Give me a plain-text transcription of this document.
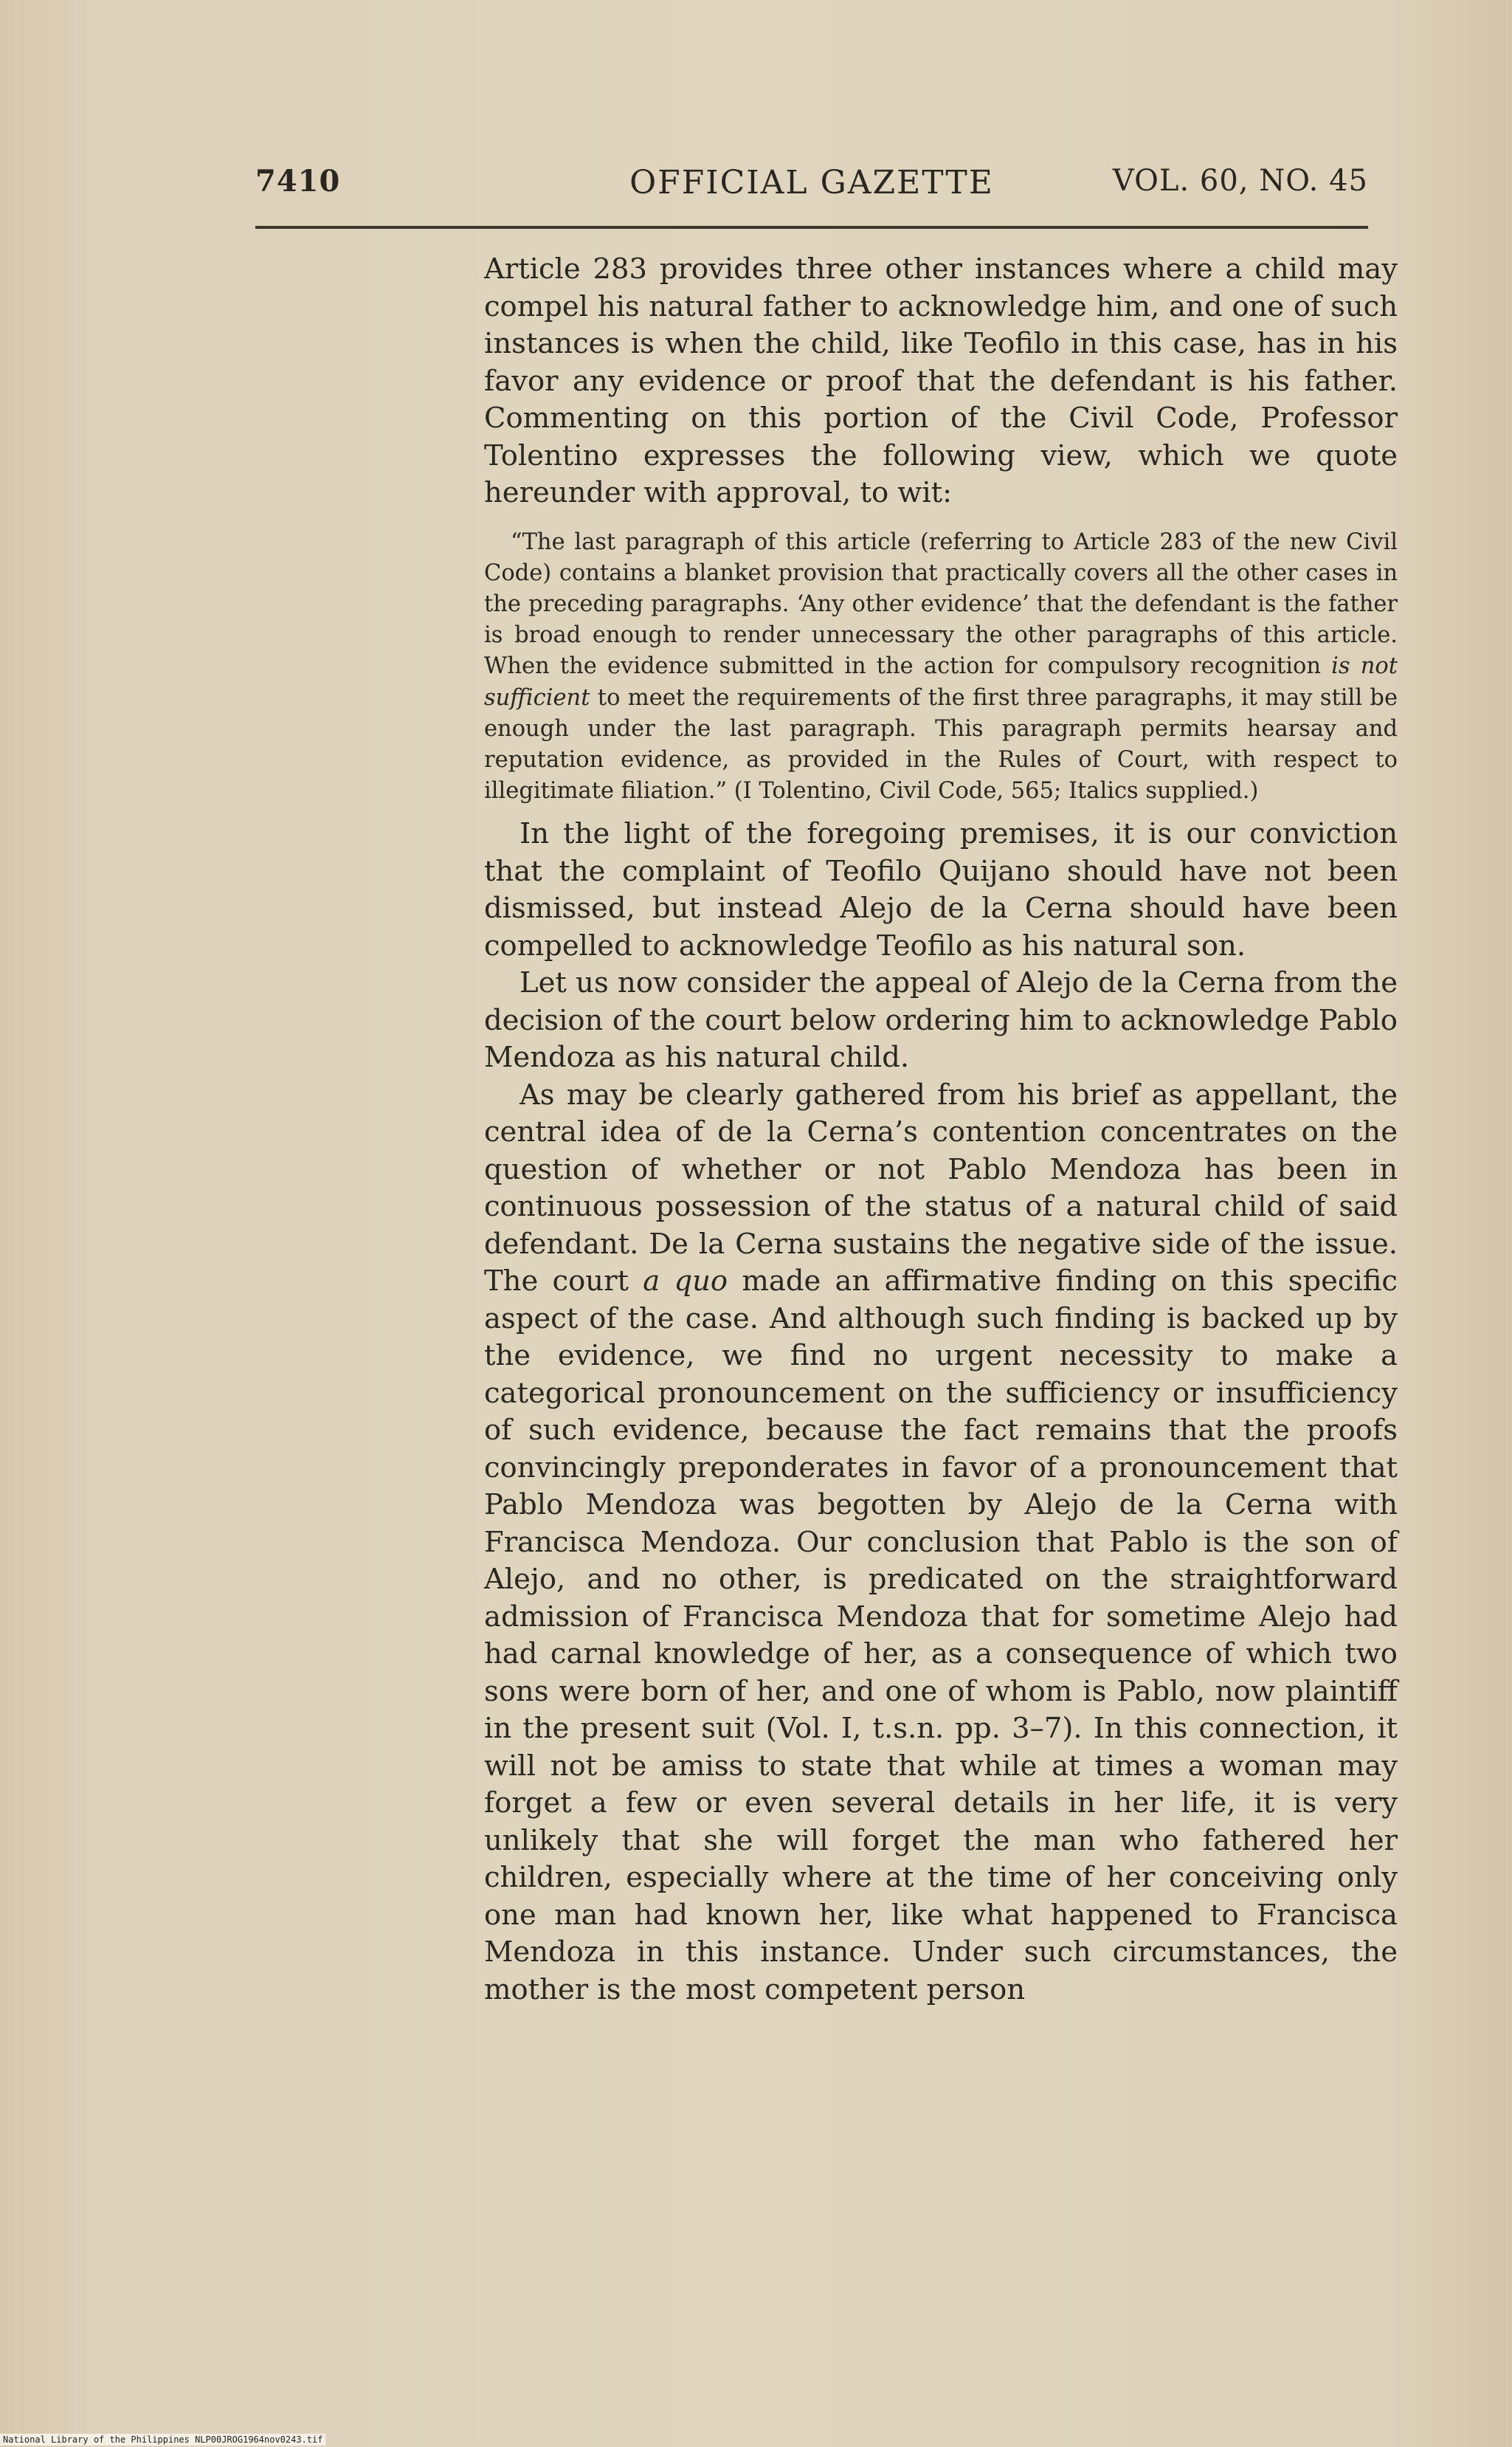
7410	OFFICIAL GAZETTE	VOL. 60, NO. 45

Article 283 provides three other instances where a child may compel his natural father to acknowledge him, and one of such instances is when the child, like Teofilo in this case, has in his favor any evidence or proof that the defendant is his father. Commenting on this portion of the Civil Code, Professor Tolentino expresses the following view, which we quote hereunder with approval, to wit:

“The last paragraph of this article (referring to Article 283 of the new Civil Code) contains a blanket provision that practically covers all the other cases in the preceding paragraphs. ‘Any other evidence’ that the defendant is the father is broad enough to render unnecessary the other paragraphs of this article. When the evidence submitted in the action for compulsory recognition is not sufficient to meet the requirements of the first three paragraphs, it may still be enough under the last paragraph. This paragraph permits hearsay and reputation evidence, as provided in the Rules of Court, with respect to illegitimate filiation.” (I Tolentino, Civil Code, 565; Italics supplied.)

In the light of the foregoing premises, it is our conviction that the complaint of Teofilo Quijano should have not been dismissed, but instead Alejo de la Cerna should have been compelled to acknowledge Teofilo as his natural son.

Let us now consider the appeal of Alejo de la Cerna from the decision of the court below ordering him to acknowledge Pablo Mendoza as his natural child.

As may be clearly gathered from his brief as appellant, the central idea of de la Cerna’s contention concentrates on the question of whether or not Pablo Mendoza has been in continuous possession of the status of a natural child of said defendant. De la Cerna sustains the negative side of the issue. The court a quo made an affirmative finding on this specific aspect of the case. And although such finding is backed up by the evidence, we find no urgent necessity to make a categorical pronouncement on the sufficiency or insufficiency of such evidence, because the fact remains that the proofs convincingly preponderates in favor of a pronouncement that Pablo Mendoza was begotten by Alejo de la Cerna with Francisca Mendoza. Our conclusion that Pablo is the son of Alejo, and no other, is predicated on the straightforward admission of Francisca Mendoza that for sometime Alejo had had carnal knowledge of her, as a consequence of which two sons were born of her, and one of whom is Pablo, now plaintiff in the present suit (Vol. I, t.s.n. pp. 3–7). In this connection, it will not be amiss to state that while at times a woman may forget a few or even several details in her life, it is very unlikely that she will forget the man who fathered her children, especially where at the time of her conceiving only one man had known her, like what happened to Francisca Mendoza in this instance. Under such circumstances, the mother is the most competent person

National Library of the Philippines NLP00JROG1964nov0243.tif
